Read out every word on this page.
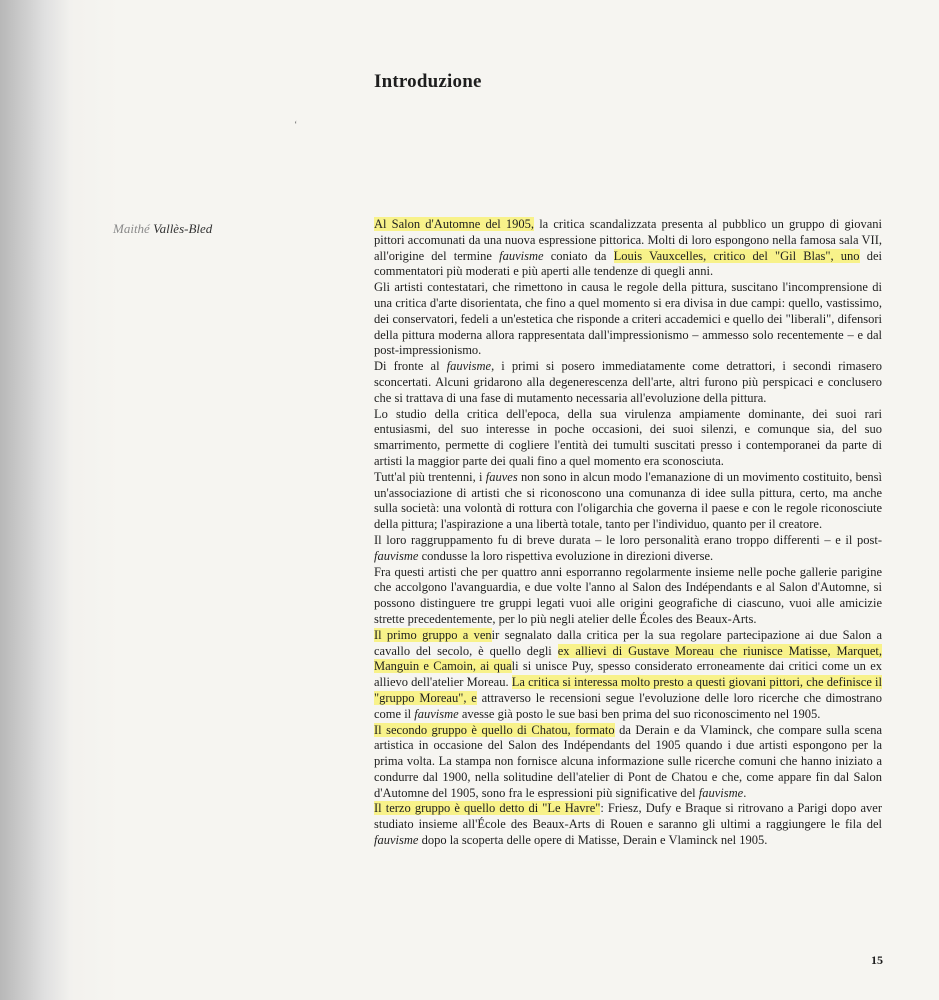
‘
Introduzione
Maithé Vallès-Bled	Al Salon d'Automne del 1905, la critica scandalizzata presenta al pubblico un gruppo di giovani pittori accomunati da una nuova espressione pittorica. Molti di loro espongono nella famosa sala VII, all'origine del termine fauvisme coniato da Louis Vauxcelles, critico del "Gil Blas", uno dei commentatori più moderati e più aperti alle tendenze di quegli anni.

Gli artisti contestatari, che rimettono in causa le regole della pittura, suscitano l'incomprensione di una critica d'arte disorientata, che fino a quel momento si era divisa in due campi: quello, vastissimo, dei conservatori, fedeli a un'estetica che risponde a criteri accademici e quello dei "liberali", difensori della pittura moderna allora rappresentata dall'impressionismo – ammesso solo recentemente – e dal post-impressionismo.

Di fronte al fauvisme, i primi si posero immediatamente come detrattori, i secondi rimasero sconcertati. Alcuni gridarono alla degenerescenza dell'arte, altri furono più perspicaci e conclusero che si trattava di una fase di mutamento necessaria all'evoluzione della pittura.

Lo studio della critica dell'epoca, della sua virulenza ampiamente dominante, dei suoi rari entusiasmi, del suo interesse in poche occasioni, dei suoi silenzi, e comunque sia, del suo smarrimento, permette di cogliere l'entità dei tumulti suscitati presso i contemporanei da parte di artisti la maggior parte dei quali fino a quel momento era sconosciuta.

Tutt'al più trentenni, i fauves non sono in alcun modo l'emanazione di un movimento costituito, bensì un'associazione di artisti che si riconoscono una comunanza di idee sulla pittura, certo, ma anche sulla società: una volontà di rottura con l'oligarchia che governa il paese e con le regole riconosciute della pittura; l'aspirazione a una libertà totale, tanto per l'individuo, quanto per il creatore.

Il loro raggruppamento fu di breve durata – le loro personalità erano troppo differenti – e il post-fauvisme condusse la loro rispettiva evoluzione in direzioni diverse.

Fra questi artisti che per quattro anni esporranno regolarmente insieme nelle poche gallerie parigine che accolgono l'avanguardia, e due volte l'anno al Salon des Indépendants e al Salon d'Automne, si possono distinguere tre gruppi legati vuoi alle origini geografiche di ciascuno, vuoi alle amicizie strette precedentemente, per lo più negli atelier delle Écoles des Beaux-Arts.

Il primo gruppo a venir segnalato dalla critica per la sua regolare partecipazione ai due Salon a cavallo del secolo, è quello degli ex allievi di Gustave Moreau che riunisce Matisse, Marquet, Manguin e Camoin, ai quali si unisce Puy, spesso considerato erroneamente dai critici come un ex allievo dell'atelier Moreau. La critica si interessa molto presto a questi giovani pittori, che definisce il "gruppo Moreau", e attraverso le recensioni segue l'evoluzione delle loro ricerche che dimostrano come il fauvisme avesse già posto le sue basi ben prima del suo riconoscimento nel 1905.

Il secondo gruppo è quello di Chatou, formato da Derain e da Vlaminck, che compare sulla scena artistica in occasione del Salon des Indépendants del 1905 quando i due artisti espongono per la prima volta. La stampa non fornisce alcuna informazione sulle ricerche comuni che hanno iniziato a condurre dal 1900, nella solitudine dell'atelier di Pont de Chatou e che, come appare fin dal Salon d'Automne del 1905, sono fra le espressioni più significative del fauvisme.

Il terzo gruppo è quello detto di "Le Havre": Friesz, Dufy e Braque si ritrovano a Parigi dopo aver studiato insieme all'École des Beaux-Arts di Rouen e saranno gli ultimi a raggiungere le fila del fauvisme dopo la scoperta delle opere di Matisse, Derain e Vlaminck nel 1905.

15
